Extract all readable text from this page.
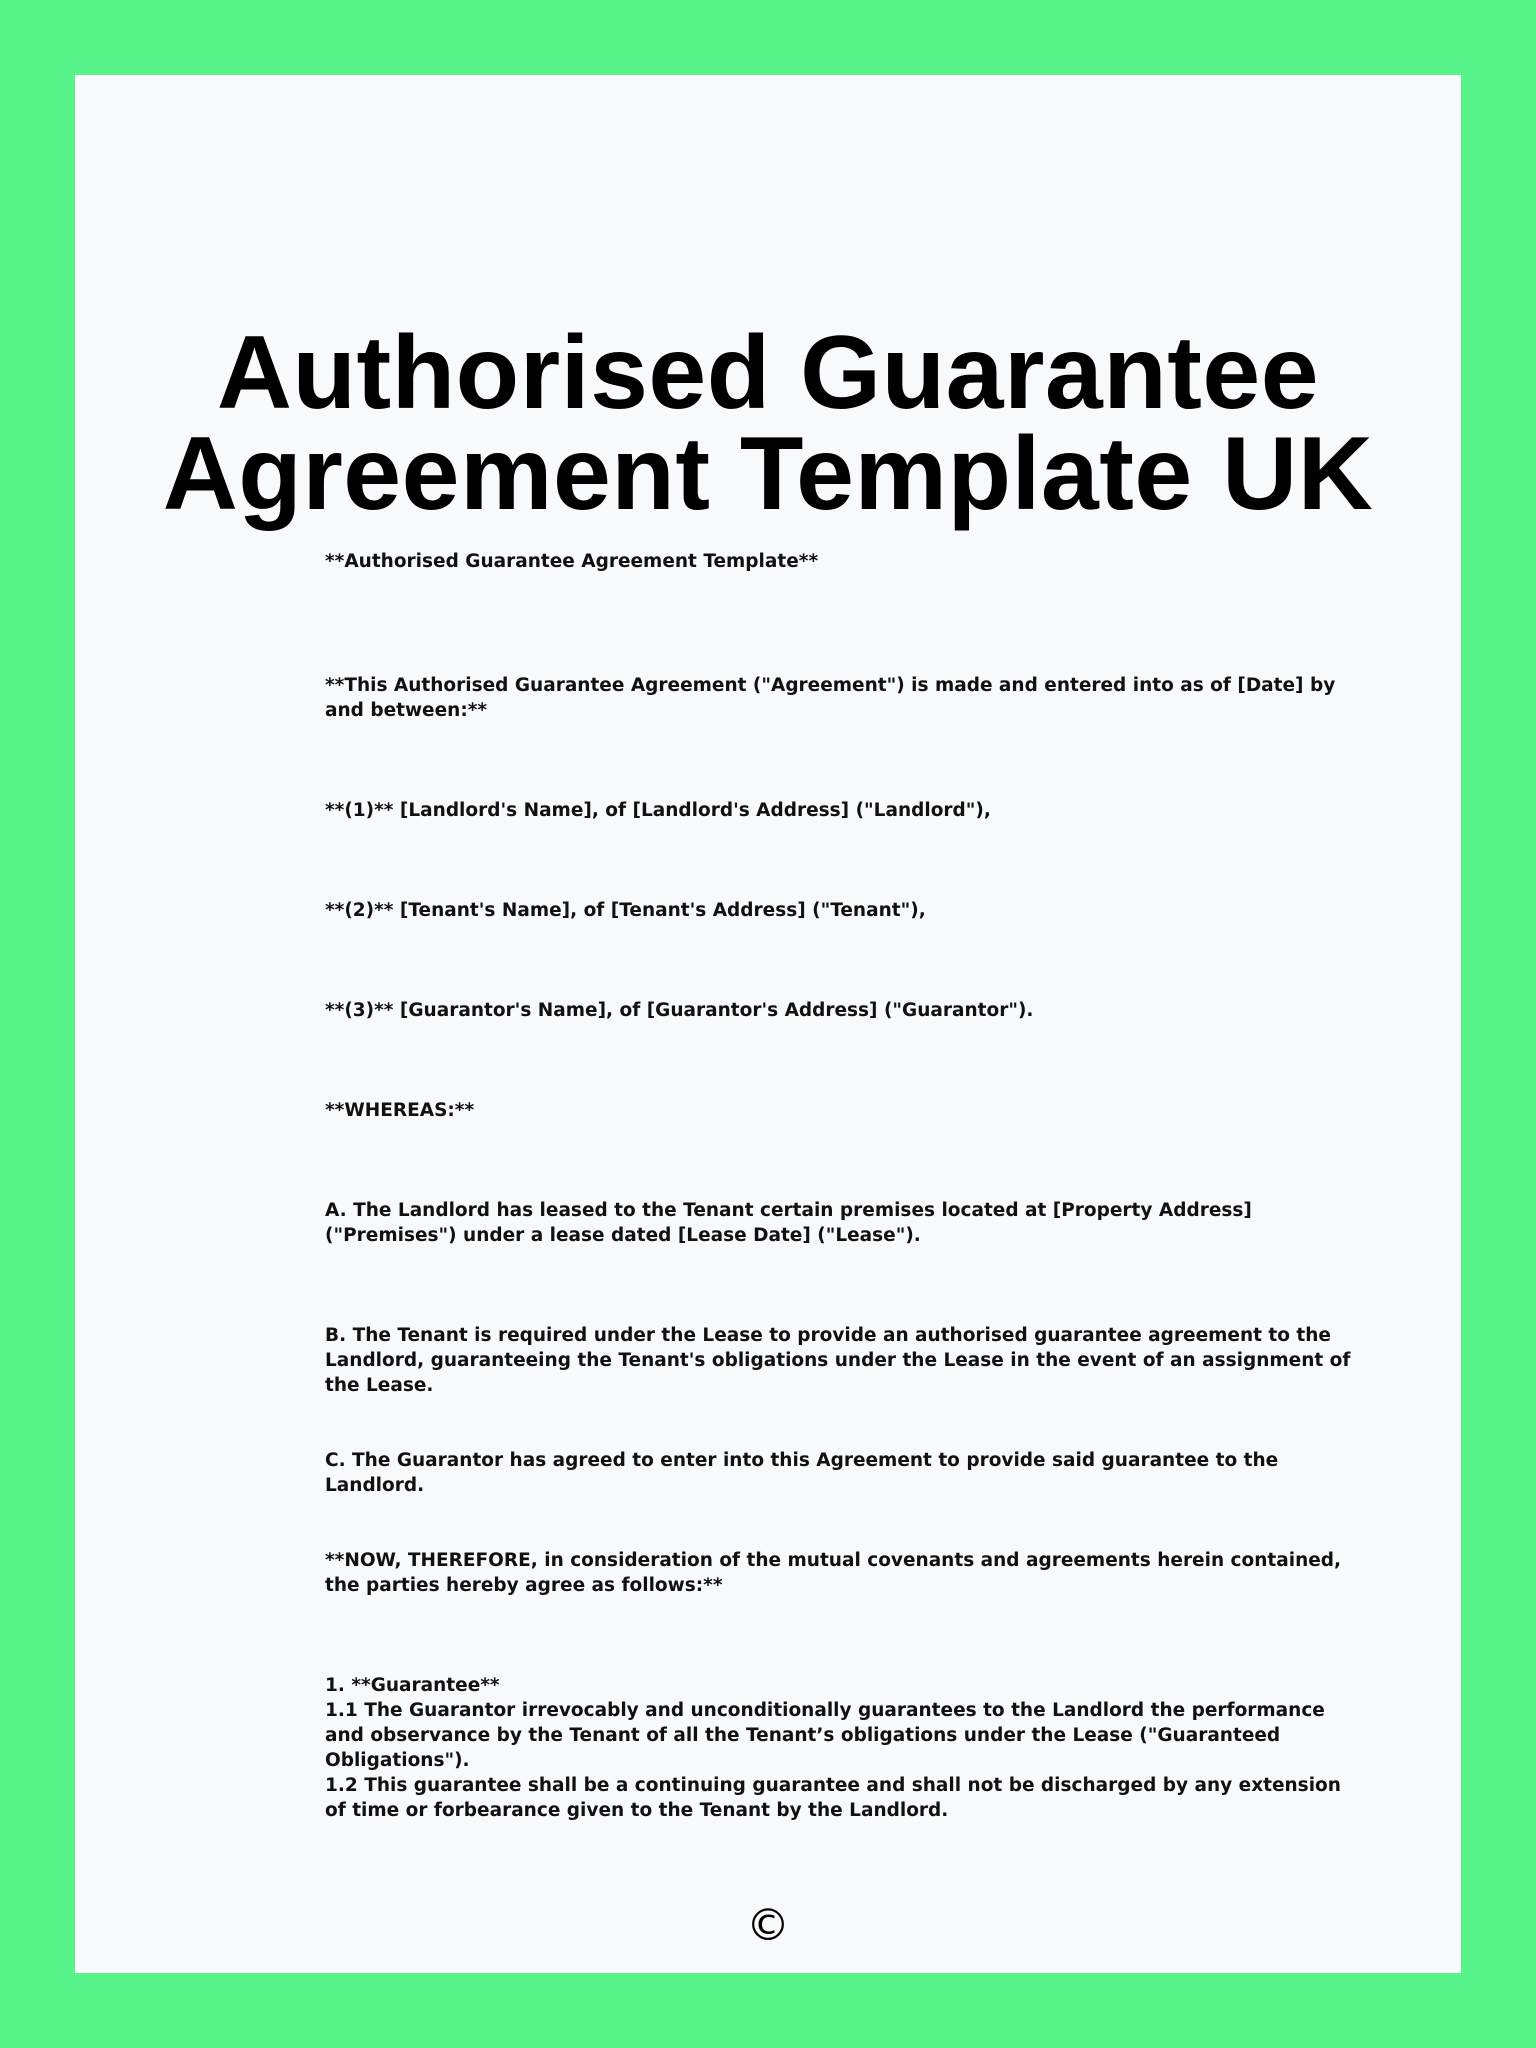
Authorised Guarantee
Agreement Template UK

**Authorised Guarantee Agreement Template**

**This Authorised Guarantee Agreement ("Agreement") is made and entered into as of [Date] by and between:**

**(1)** [Landlord's Name], of [Landlord's Address] ("Landlord"),

**(2)** [Tenant's Name], of [Tenant's Address] ("Tenant"),

**(3)** [Guarantor's Name], of [Guarantor's Address] ("Guarantor").

**WHEREAS:**

A. The Landlord has leased to the Tenant certain premises located at [Property Address] ("Premises") under a lease dated [Lease Date] ("Lease").

B. The Tenant is required under the Lease to provide an authorised guarantee agreement to the Landlord, guaranteeing the Tenant's obligations under the Lease in the event of an assignment of the Lease.

C. The Guarantor has agreed to enter into this Agreement to provide said guarantee to the Landlord.

**NOW, THEREFORE, in consideration of the mutual covenants and agreements herein contained, the parties hereby agree as follows:**

1. **Guarantee**
1.1 The Guarantor irrevocably and unconditionally guarantees to the Landlord the performance and observance by the Tenant of all the Tenant’s obligations under the Lease ("Guaranteed Obligations").
1.2 This guarantee shall be a continuing guarantee and shall not be discharged by any extension of time or forbearance given to the Tenant by the Landlord.
©
